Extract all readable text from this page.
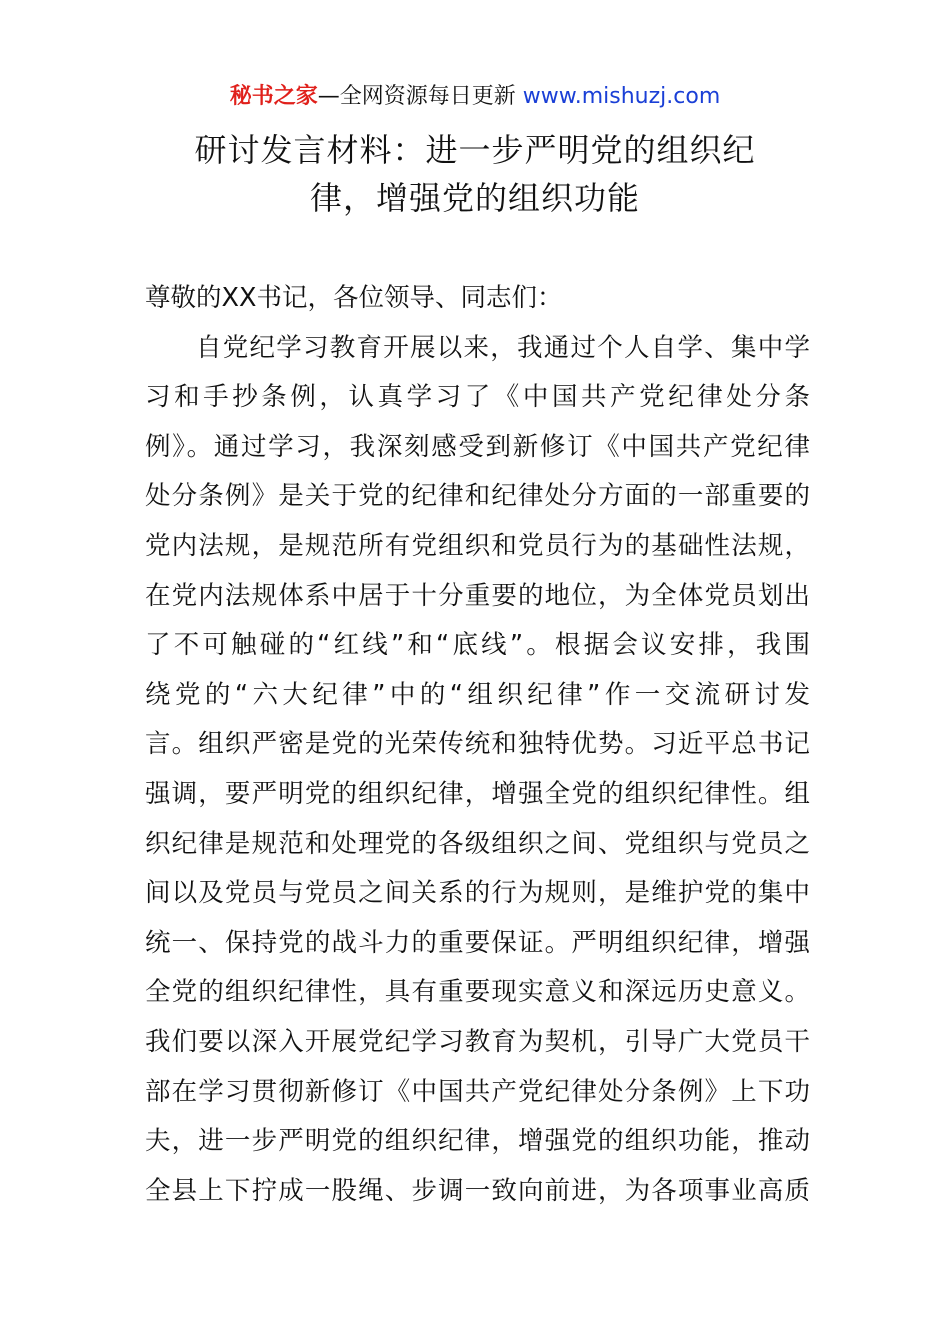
秘书之家—全网资源每日更新 www.mishuzj.com
研讨发言材料：进一步严明党的组织纪
律，增强党的组织功能
尊敬的XX书记，各位领导、同志们：
自党纪学习教育开展以来，我通过个人自学、集中学
习和手抄条例，认真学习了《中国共产党纪律处分条
例》。通过学习，我深刻感受到新修订《中国共产党纪律
处分条例》是关于党的纪律和纪律处分方面的一部重要的
党内法规，是规范所有党组织和党员行为的基础性法规，
在党内法规体系中居于十分重要的地位，为全体党员划出
了不可触碰的“红线”和“底线”。根据会议安排，我围
绕党的“六大纪律”中的“组织纪律”作一交流研讨发
言。组织严密是党的光荣传统和独特优势。习近平总书记
强调，要严明党的组织纪律，增强全党的组织纪律性。组
织纪律是规范和处理党的各级组织之间、党组织与党员之
间以及党员与党员之间关系的行为规则，是维护党的集中
统一、保持党的战斗力的重要保证。严明组织纪律，增强
全党的组织纪律性，具有重要现实意义和深远历史意义。
我们要以深入开展党纪学习教育为契机，引导广大党员干
部在学习贯彻新修订《中国共产党纪律处分条例》上下功
夫，进一步严明党的组织纪律，增强党的组织功能，推动
全县上下拧成一股绳、步调一致向前进，为各项事业高质
